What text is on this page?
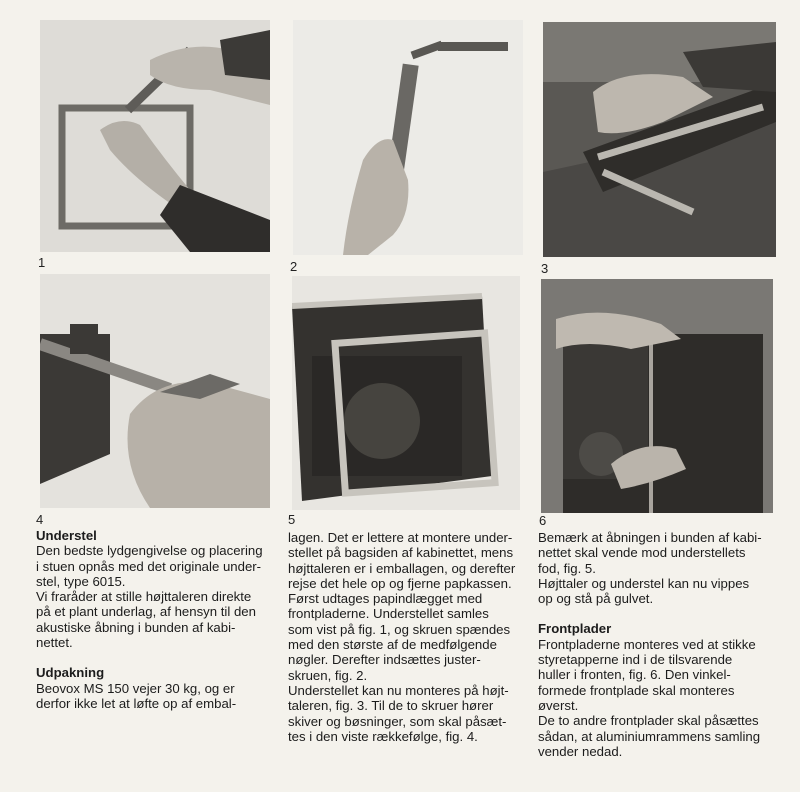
1	2	3
4	5	6
Understel

Den bedste lydgengivelse og placering

i stuen opnås med det originale under-

stel, type 6015.

Vi fraråder at stille højttaleren direkte

på et plant underlag, af hensyn til den

akustiske åbning i bunden af kabi-

nettet.

Udpakning

Beovox MS 150 vejer 30 kg, og er

derfor ikke let at løfte op af embal-

lagen. Det er lettere at montere under-

stellet på bagsiden af kabinettet, mens

højttaleren er i emballagen, og derefter

rejse det hele op og fjerne papkassen.

Først udtages papindlægget med

frontpladerne. Understellet samles

som vist på fig. 1, og skruen spændes

med den største af de medfølgende

nøgler. Derefter indsættes juster-

skruen, fig. 2.

Understellet kan nu monteres på højt-

taleren, fig. 3. Til de to skruer hører

skiver og bøsninger, som skal påsæt-

tes i den viste rækkefølge, fig. 4.

Bemærk at åbningen i bunden af kabi-

nettet skal vende mod understellets

fod, fig. 5.

Højttaler og understel kan nu vippes

op og stå på gulvet.

Frontplader

Frontpladerne monteres ved at stikke

styretapperne ind i de tilsvarende

huller i fronten, fig. 6. Den vinkel-

formede frontplade skal monteres

øverst.

De to andre frontplader skal påsættes

sådan, at aluminiumrammens samling

vender nedad.
